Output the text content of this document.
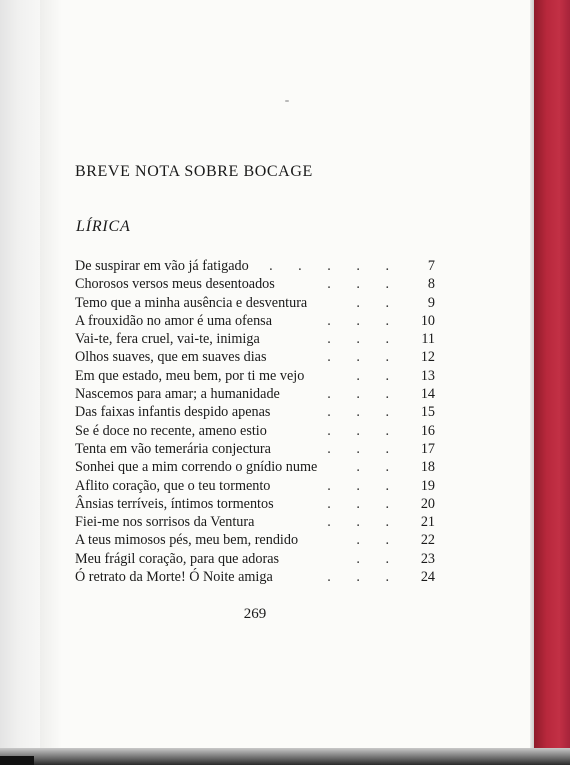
BREVE NOTA SOBRE BOCAGE
LÍRICA
De suspirar em vão já fatigado . . . . . 7
Chorosos versos meus desentoados	. . . 8
Temo que a minha ausência e desventura	. . 9
A frouxidão no amor é uma ofensa	. . . 10
Vai-te, fera cruel, vai-te, inimiga	. . . 11
Olhos suaves, que em suaves dias	. . . 12
Em que estado, meu bem, por ti me vejo	. . 13
Nascemos para amar; a humanidade	. . . 14
Das faixas infantis despido apenas	. . . 15
Se é doce no recente, ameno estio	. . . 16
Tenta em vão temerária conjectura	. . . 17
Sonhei que a mim correndo o gnídio nume	. . 18
Aflito coração, que o teu tormento	. . . 19
Ânsias terríveis, íntimos tormentos	. . . 20
Fiei-me nos sorrisos da Ventura	. . . 21
A teus mimosos pés, meu bem, rendido	. . 22
Meu frágil coração, para que adoras	. . 23
Ó retrato da Morte! Ó Noite amiga	. . . 24
269
